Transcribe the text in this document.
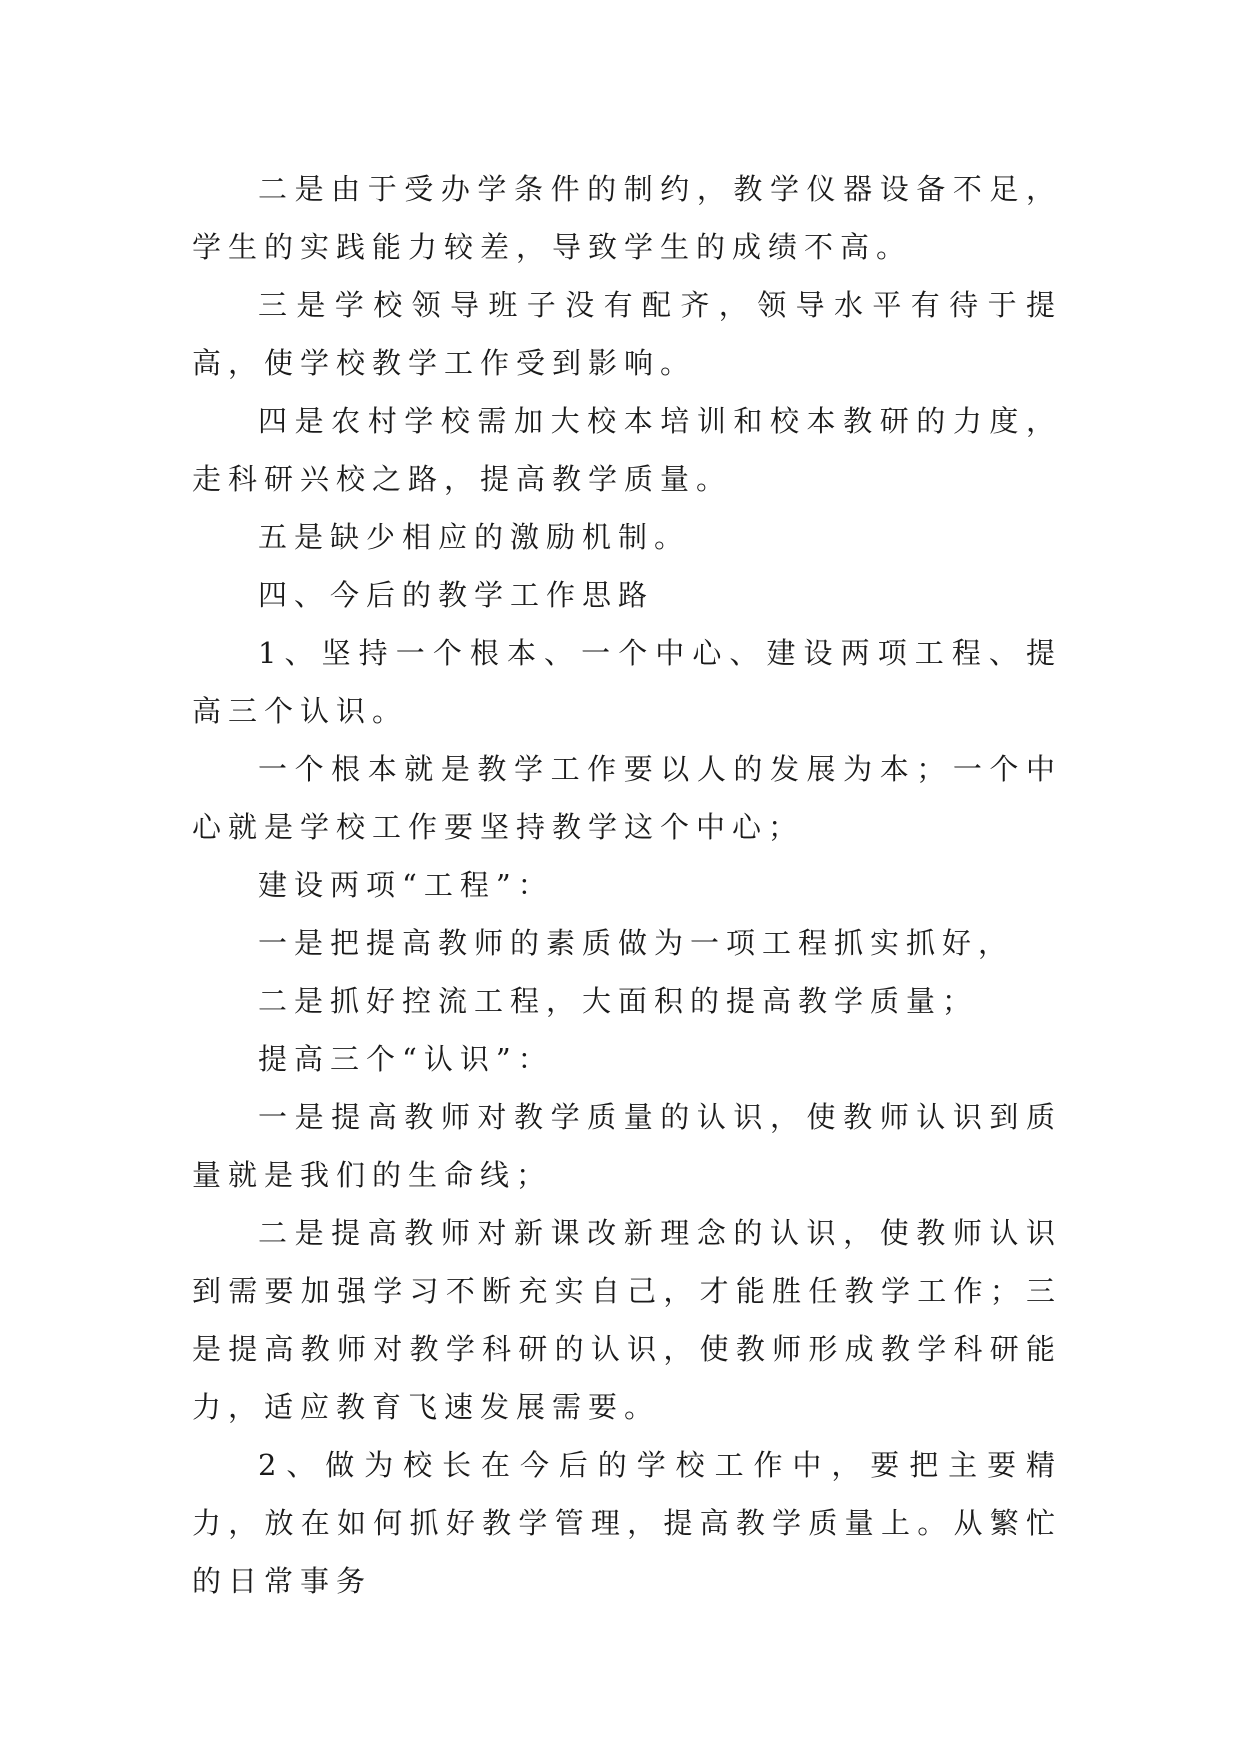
二是由于受办学条件的制约，教学仪器设备不足，学生的实践能力较差，导致学生的成绩不高。

三是学校领导班子没有配齐，领导水平有待于提高，使学校教学工作受到影响。

四是农村学校需加大校本培训和校本教研的力度，走科研兴校之路，提高教学质量。

五是缺少相应的激励机制。

四、今后的教学工作思路

1、坚持一个根本、一个中心、建设两项工程、提高三个认识。

一个根本就是教学工作要以人的发展为本；一个中心就是学校工作要坚持教学这个中心；

建设两项“工程”：

一是把提高教师的素质做为一项工程抓实抓好，

二是抓好控流工程，大面积的提高教学质量；

提高三个“认识”：

一是提高教师对教学质量的认识，使教师认识到质量就是我们的生命线；

二是提高教师对新课改新理念的认识，使教师认识到需要加强学习不断充实自己，才能胜任教学工作；三是提高教师对教学科研的认识，使教师形成教学科研能力，适应教育飞速发展需要。

2、做为校长在今后的学校工作中，要把主要精力，放在如何抓好教学管理，提高教学质量上。从繁忙的日常事务
